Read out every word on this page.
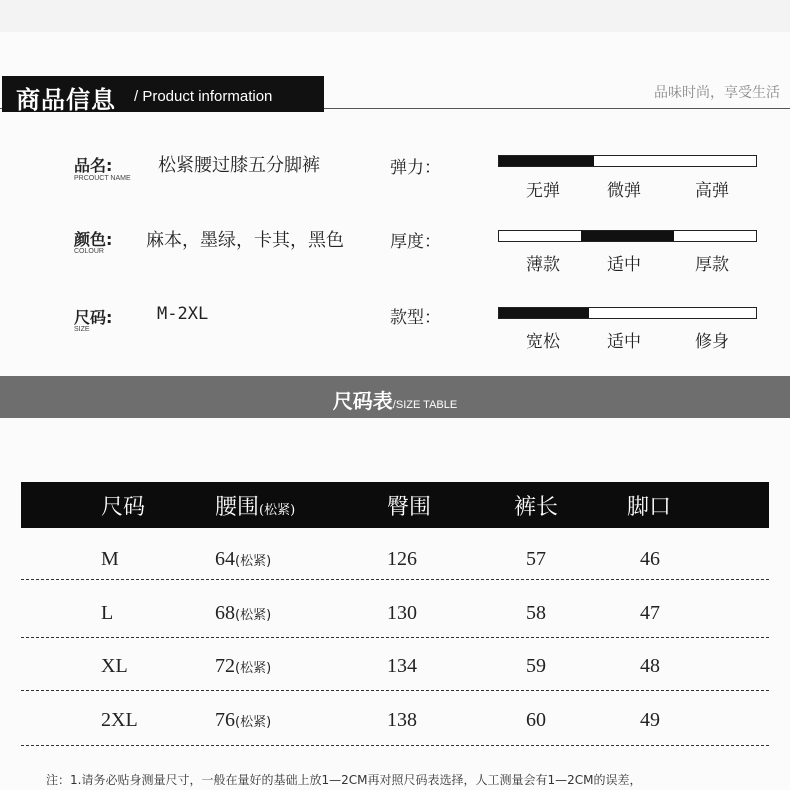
商品信息 / Product information	品味时尚，享受生活
品名:
PRCOUCT NAME
松紧腰过膝五分脚裤
颜色:
COLOUR
麻本，墨绿，卡其，黑色
尺码:
SIZE
M-2XL
弹力：
无弹	微弹	高弹
厚度：
薄款	适中	厚款
款型：
宽松	适中	修身
尺码表/SIZE TABLE
尺码	腰围(松紧)	臀围	裤长	脚口
M	64(松紧)	126	57	46
L	68(松紧)	130	58	47
XL	72(松紧)	134	59	48
2XL	76(松紧)	138	60	49
注：1.请务必贴身测量尺寸，一般在量好的基础上放1—2CM再对照尺码表选择，人工测量会有1—2CM的误差，
